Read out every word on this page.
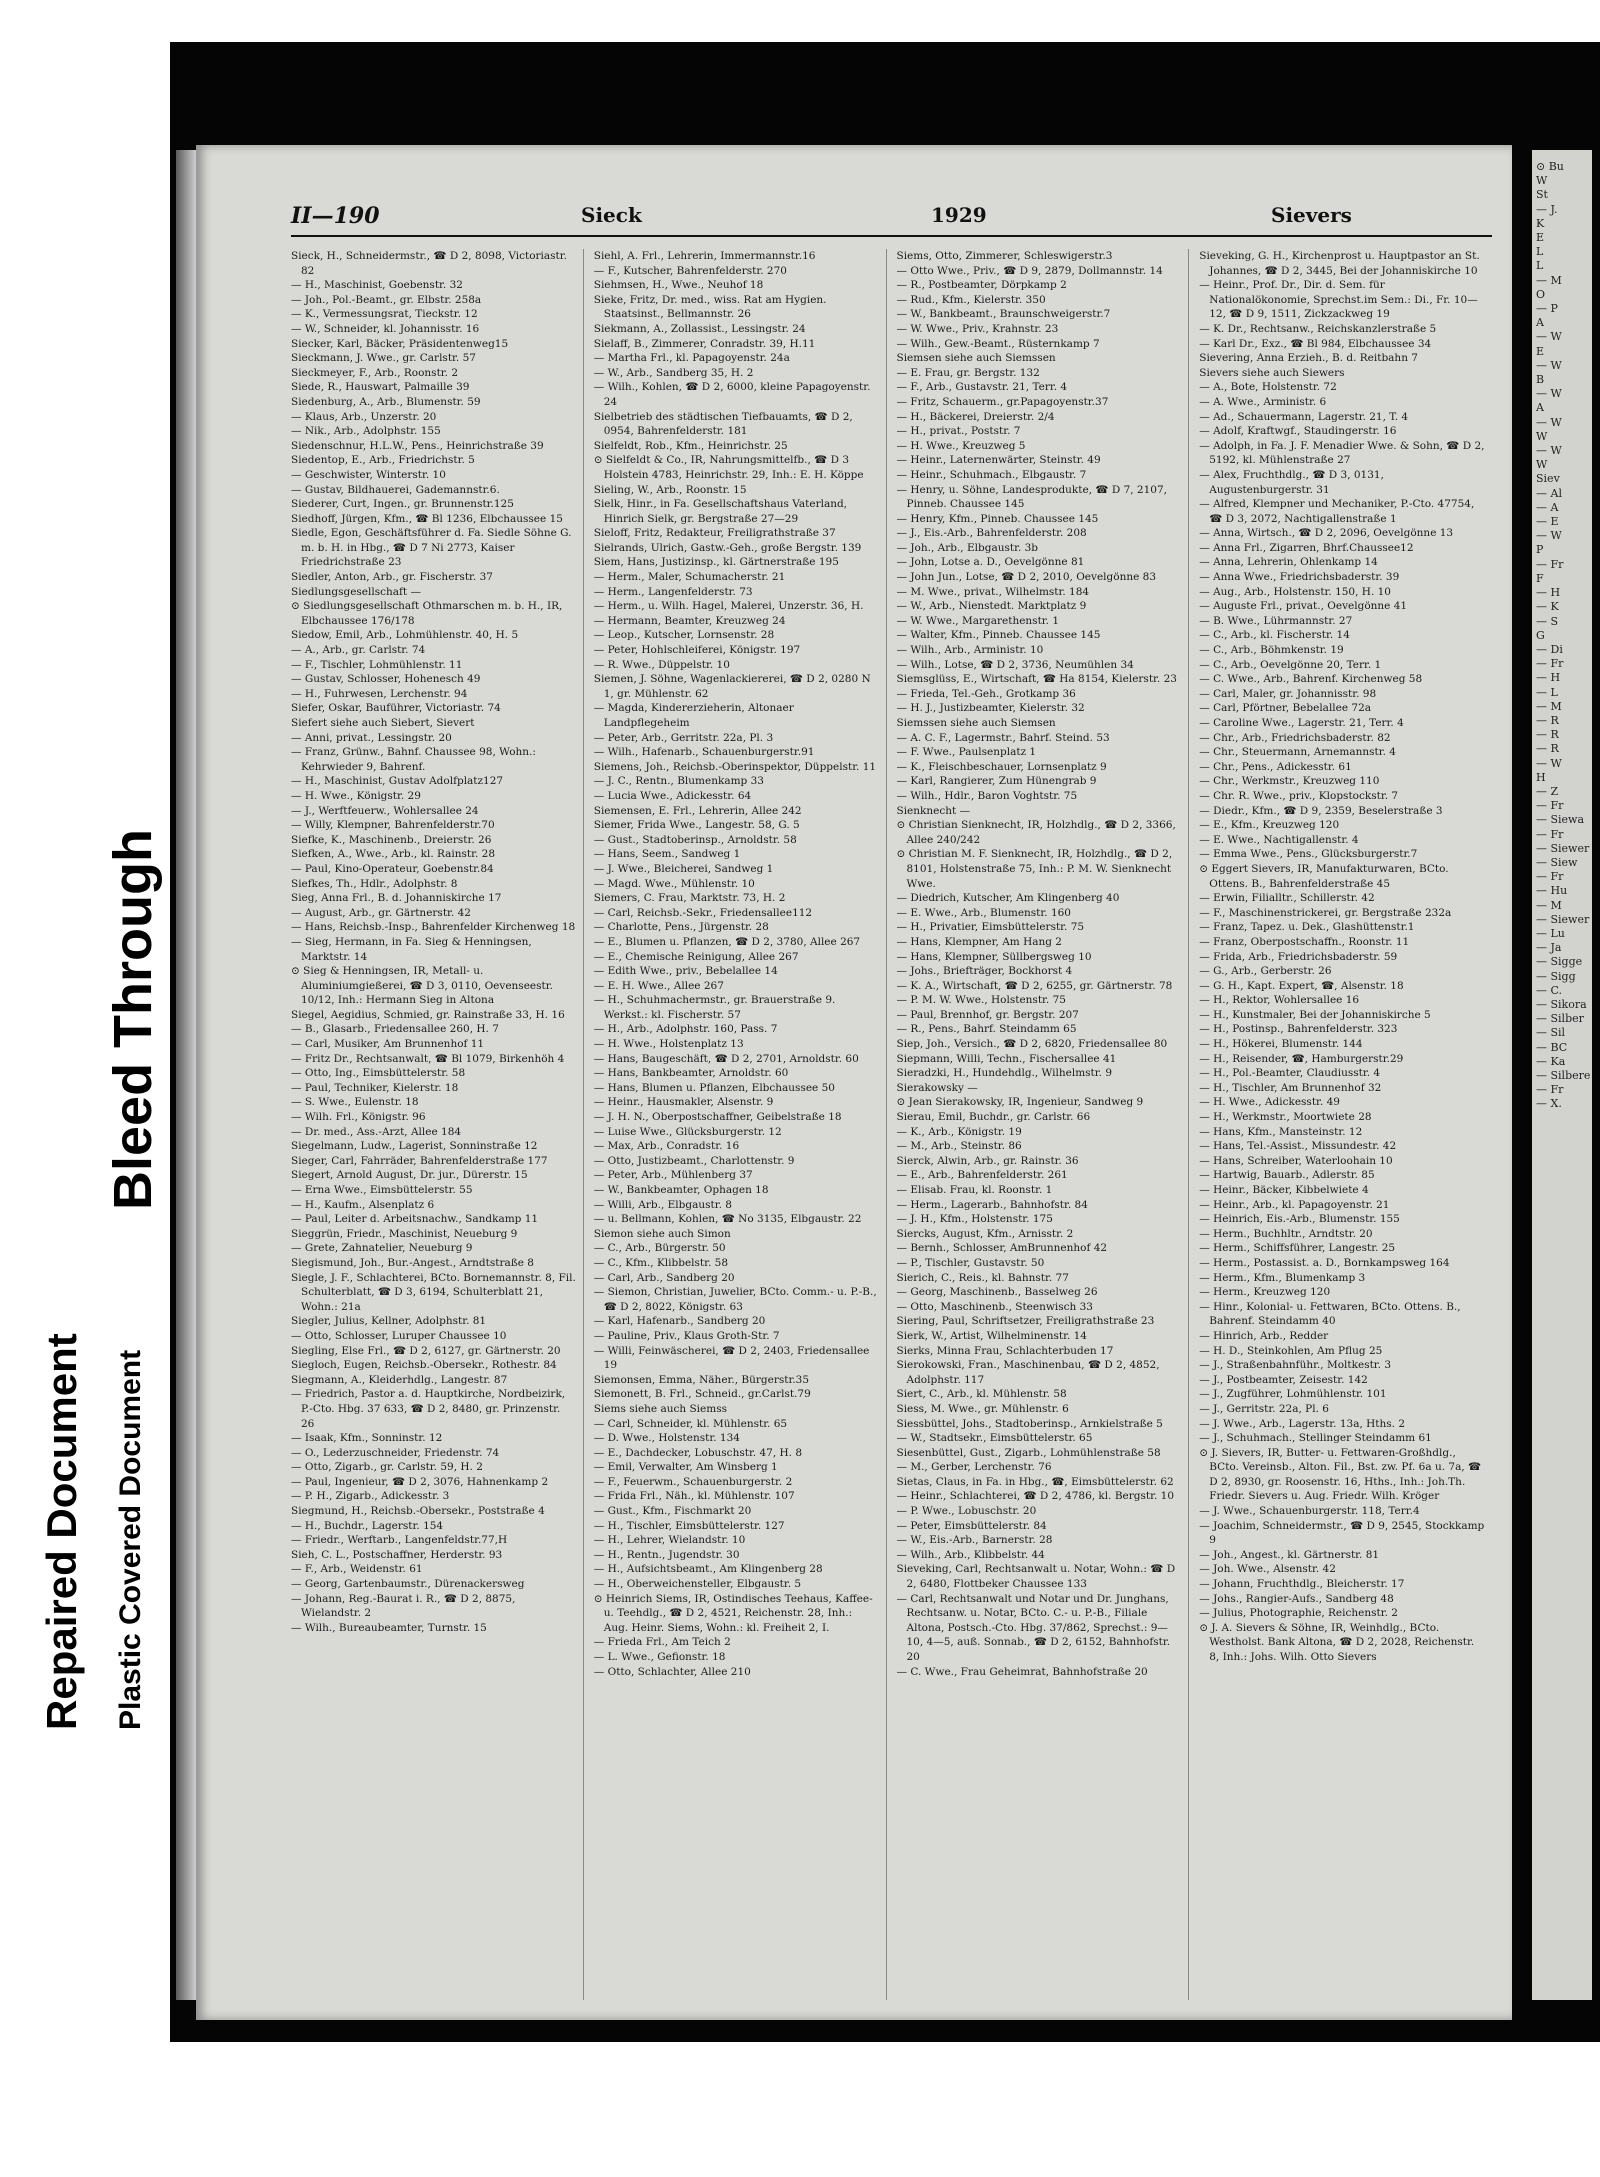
Repaired Document Plastic Covered Document
Bleed Through
II—190	Sieck	1929	Sievers
Sieck, H., Schneidermstr., ☎ D 2, 8098, Victoriastr. 82
— H., Maschinist, Goebenstr. 32
— Joh., Pol.-Beamt., gr. Elbstr. 258a
— K., Vermessungsrat, Tieckstr. 12
— W., Schneider, kl. Johannisstr. 16
Siecker, Karl, Bäcker, Präsidentenweg15
Sieckmann, J. Wwe., gr. Carlstr. 57
Sieckmeyer, F., Arb., Roonstr. 2
Siede, R., Hauswart, Palmaille 39
Siedenburg, A., Arb., Blumenstr. 59
— Klaus, Arb., Unzerstr. 20
— Nik., Arb., Adolphstr. 155
Siedenschnur, H.L.W., Pens., Heinrichstraße 39
Siedentop, E., Arb., Friedrichstr. 5
— Geschwister, Winterstr. 10
— Gustav, Bildhauerei, Gademannstr.6.
Siederer, Curt, Ingen., gr. Brunnenstr.125
Siedhoff, Jürgen, Kfm., ☎ Bl 1236, Elbchaussee 15
Siedle, Egon, Geschäftsführer d. Fa. Siedle Söhne G. m. b. H. in Hbg., ☎ D 7 Ni 2773, Kaiser Friedrichstraße 23
Siedler, Anton, Arb., gr. Fischerstr. 37
Siedlungsgesellschaft —
⊙ Siedlungsgesellschaft Othmarschen m. b. H., IR, Elbchaussee 176/178
Siedow, Emil, Arb., Lohmühlenstr. 40, H. 5
— A., Arb., gr. Carlstr. 74
— F., Tischler, Lohmühlenstr. 11
— Gustav, Schlosser, Hohenesch 49
— H., Fuhrwesen, Lerchenstr. 94
Siefer, Oskar, Bauführer, Victoriastr. 74
Siefert siehe auch Siebert, Sievert
— Anni, privat., Lessingstr. 20
— Franz, Grünw., Bahnf. Chaussee 98, Wohn.: Kehrwieder 9, Bahrenf.
— H., Maschinist, Gustav Adolfplatz127
— H. Wwe., Königstr. 29
— J., Werftfeuerw., Wohlersallee 24
— Willy, Klempner, Bahrenfelderstr.70
Siefke, K., Maschinenb., Dreierstr. 26
Siefken, A., Wwe., Arb., kl. Rainstr. 28
— Paul, Kino-Operateur, Goebenstr.84
Siefkes, Th., Hdlr., Adolphstr. 8
Sieg, Anna Frl., B. d. Johanniskirche 17
— August, Arb., gr. Gärtnerstr. 42
— Hans, Reichsb.-Insp., Bahrenfelder Kirchenweg 18
— Sieg, Hermann, in Fa. Sieg & Henningsen, Marktstr. 14
⊙ Sieg & Henningsen, IR, Metall- u. Aluminiumgießerei, ☎ D 3, 0110, Oevenseestr. 10/12, Inh.: Hermann Sieg in Altona
Siegel, Aegidius, Schmied, gr. Rainstraße 33, H. 16
— B., Glasarb., Friedensallee 260, H. 7
— Carl, Musiker, Am Brunnenhof 11
— Fritz Dr., Rechtsanwalt, ☎ Bl 1079, Birkenhöh 4
— Otto, Ing., Eimsbüttelerstr. 58
— Paul, Techniker, Kielerstr. 18
— S. Wwe., Eulenstr. 18
— Wilh. Frl., Königstr. 96
— Dr. med., Ass.-Arzt, Allee 184
Siegelmann, Ludw., Lagerist, Sonninstraße 12
Sieger, Carl, Fahrräder, Bahrenfelderstraße 177
Siegert, Arnold August, Dr. jur., Dürerstr. 15
— Erna Wwe., Eimsbüttelerstr. 55
— H., Kaufm., Alsenplatz 6
— Paul, Leiter d. Arbeitsnachw., Sandkamp 11
Sieggrün, Friedr., Maschinist, Neueburg 9
— Grete, Zahnatelier, Neueburg 9
Siegismund, Joh., Bur.-Angest., Arndtstraße 8
Siegle, J. F., Schlachterei, BCto. Bornemannstr. 8, Fil. Schulterblatt, ☎ D 3, 6194, Schulterblatt 21, Wohn.: 21a
Siegler, Julius, Kellner, Adolphstr. 81
— Otto, Schlosser, Luruper Chaussee 10
Siegling, Else Frl., ☎ D 2, 6127, gr. Gärtnerstr. 20
Siegloch, Eugen, Reichsb.-Obersekr., Rothestr. 84
Siegmann, A., Kleiderhdlg., Langestr. 87
— Friedrich, Pastor a. d. Hauptkirche, Nordbeizirk, P.-Cto. Hbg. 37 633, ☎ D 2, 8480, gr. Prinzenstr. 26
— Isaak, Kfm., Sonninstr. 12
— O., Lederzuschneider, Friedenstr. 74
— Otto, Zigarb., gr. Carlstr. 59, H. 2
— Paul, Ingenieur, ☎ D 2, 3076, Hahnenkamp 2
— P. H., Zigarb., Adickesstr. 3
Siegmund, H., Reichsb.-Obersekr., Poststraße 4
— H., Buchdr., Lagerstr. 154
— Friedr., Werftarb., Langenfeldstr.77,H
Sieh, C. L., Postschaffner, Herderstr. 93
— F., Arb., Weidenstr. 61
— Georg, Gartenbaumstr., Dürenackersweg
— Johann, Reg.-Baurat i. R., ☎ D 2, 8875, Wielandstr. 2
— Wilh., Bureaubeamter, Turnstr. 15
Siehl, A. Frl., Lehrerin, Immermannstr.16
— F., Kutscher, Bahrenfelderstr. 270
Siehmsen, H., Wwe., Neuhof 18
Sieke, Fritz, Dr. med., wiss. Rat am Hygien. Staatsinst., Bellmannstr. 26
Siekmann, A., Zollassist., Lessingstr. 24
Sielaff, B., Zimmerer, Conradstr. 39, H.11
— Martha Frl., kl. Papagoyenstr. 24a
— W., Arb., Sandberg 35, H. 2
— Wilh., Kohlen, ☎ D 2, 6000, kleine Papagoyenstr. 24
Sielbetrieb des städtischen Tiefbauamts, ☎ D 2, 0954, Bahrenfelderstr. 181
Sielfeldt, Rob., Kfm., Heinrichstr. 25
⊙ Sielfeldt & Co., IR, Nahrungsmittelfb., ☎ D 3 Holstein 4783, Heinrichstr. 29, Inh.: E. H. Köppe
Sieling, W., Arb., Roonstr. 15
Sielk, Hinr., in Fa. Gesellschaftshaus Vaterland, Hinrich Sielk, gr. Bergstraße 27—29
Sieloff, Fritz, Redakteur, Freiligrathstraße 37
Sielrands, Ulrich, Gastw.-Geh., große Bergstr. 139
Siem, Hans, Justizinsp., kl. Gärtnerstraße 195
— Herm., Maler, Schumacherstr. 21
— Herm., Langenfelderstr. 73
— Herm., u. Wilh. Hagel, Malerei, Unzerstr. 36, H.
— Hermann, Beamter, Kreuzweg 24
— Leop., Kutscher, Lornsenstr. 28
— Peter, Hohlschleiferei, Königstr. 197
— R. Wwe., Düppelstr. 10
Siemen, J. Söhne, Wagenlackiererei, ☎ D 2, 0280 N 1, gr. Mühlenstr. 62
— Magda, Kindererzieherin, Altonaer Landpflegeheim
— Peter, Arb., Gerritstr. 22a, Pl. 3
— Wilh., Hafenarb., Schauenburgerstr.91
Siemens, Joh., Reichsb.-Oberinspektor, Düppelstr. 11
— J. C., Rentn., Blumenkamp 33
— Lucia Wwe., Adickesstr. 64
Siemensen, E. Frl., Lehrerin, Allee 242
Siemer, Frida Wwe., Langestr. 58, G. 5
— Gust., Stadtoberinsp., Arnoldstr. 58
— Hans, Seem., Sandweg 1
— J. Wwe., Bleicherei, Sandweg 1
— Magd. Wwe., Mühlenstr. 10
Siemers, C. Frau, Marktstr. 73, H. 2
— Carl, Reichsb.-Sekr., Friedensallee112
— Charlotte, Pens., Jürgenstr. 28
— E., Blumen u. Pflanzen, ☎ D 2, 3780, Allee 267
— E., Chemische Reinigung, Allee 267
— Edith Wwe., priv., Bebelallee 14
— E. H. Wwe., Allee 267
— H., Schuhmachermstr., gr. Brauerstraße 9. Werkst.: kl. Fischerstr. 57
— H., Arb., Adolphstr. 160, Pass. 7
— H. Wwe., Holstenplatz 13
— Hans, Baugeschäft, ☎ D 2, 2701, Arnoldstr. 60
— Hans, Bankbeamter, Arnoldstr. 60
— Hans, Blumen u. Pflanzen, Elbchaussee 50
— Heinr., Hausmakler, Alsenstr. 9
— J. H. N., Oberpostschaffner, Geibelstraße 18
— Luise Wwe., Glücksburgerstr. 12
— Max, Arb., Conradstr. 16
— Otto, Justizbeamt., Charlottenstr. 9
— Peter, Arb., Mühlenberg 37
— W., Bankbeamter, Ophagen 18
— Willi, Arb., Elbgaustr. 8
— u. Bellmann, Kohlen, ☎ No 3135, Elbgaustr. 22
Siemon siehe auch Simon
— C., Arb., Bürgerstr. 50
— C., Kfm., Klibbelstr. 58
— Carl, Arb., Sandberg 20
— Siemon, Christian, Juwelier, BCto. Comm.- u. P.-B., ☎ D 2, 8022, Königstr. 63
— Karl, Hafenarb., Sandberg 20
— Pauline, Priv., Klaus Groth-Str. 7
— Willi, Feinwäscherei, ☎ D 2, 2403, Friedensallee 19
Siemonsen, Emma, Näher., Bürgerstr.35
Siemonett, B. Frl., Schneid., gr.Carlst.79
Siems siehe auch Siemss
— Carl, Schneider, kl. Mühlenstr. 65
— D. Wwe., Holstenstr. 134
— E., Dachdecker, Lobuschstr. 47, H. 8
— Emil, Verwalter, Am Winsberg 1
— F., Feuerwm., Schauenburgerstr. 2
— Frida Frl., Näh., kl. Mühlenstr. 107
— Gust., Kfm., Fischmarkt 20
— H., Tischler, Eimsbüttelerstr. 127
— H., Lehrer, Wielandstr. 10
— H., Rentn., Jugendstr. 30
— H., Aufsichtsbeamt., Am Klingenberg 28
— H., Oberweichensteller, Elbgaustr. 5
⊙ Heinrich Siems, IR, Ostindisches Teehaus, Kaffee- u. Teehdlg., ☎ D 2, 4521, Reichenstr. 28, Inh.: Aug. Heinr. Siems, Wohn.: kl. Freiheit 2, I.
— Frieda Frl., Am Teich 2
— L. Wwe., Gefionstr. 18
— Otto, Schlachter, Allee 210
Siems, Otto, Zimmerer, Schleswigerstr.3
— Otto Wwe., Priv., ☎ D 9, 2879, Dollmannstr. 14
— R., Postbeamter, Dörpkamp 2
— Rud., Kfm., Kielerstr. 350
— W., Bankbeamt., Braunschweigerstr.7
— W. Wwe., Priv., Krahnstr. 23
— Wilh., Gew.-Beamt., Rüsternkamp 7
Siemsen siehe auch Siemssen
— E. Frau, gr. Bergstr. 132
— F., Arb., Gustavstr. 21, Terr. 4
— Fritz, Schauerm., gr.Papagoyenstr.37
— H., Bäckerei, Dreierstr. 2/4
— H., privat., Poststr. 7
— H. Wwe., Kreuzweg 5
— Heinr., Laternenwärter, Steinstr. 49
— Heinr., Schuhmach., Elbgaustr. 7
— Henry, u. Söhne, Landesprodukte, ☎ D 7, 2107, Pinneb. Chaussee 145
— Henry, Kfm., Pinneb. Chaussee 145
— J., Eis.-Arb., Bahrenfelderstr. 208
— Joh., Arb., Elbgaustr. 3b
— John, Lotse a. D., Oevelgönne 81
— John Jun., Lotse, ☎ D 2, 2010, Oevelgönne 83
— M. Wwe., privat., Wilhelmstr. 184
— W., Arb., Nienstedt. Marktplatz 9
— W. Wwe., Margarethenstr. 1
— Walter, Kfm., Pinneb. Chaussee 145
— Wilh., Arb., Arministr. 10
— Wilh., Lotse, ☎ D 2, 3736, Neumühlen 34
Siemsglüss, E., Wirtschaft, ☎ Ha 8154, Kielerstr. 23
— Frieda, Tel.-Geh., Grotkamp 36
— H. J., Justizbeamter, Kielerstr. 32
Siemssen siehe auch Siemsen
— A. C. F., Lagermstr., Bahrf. Steind. 53
— F. Wwe., Paulsenplatz 1
— K., Fleischbeschauer, Lornsenplatz 9
— Karl, Rangierer, Zum Hünengrab 9
— Wilh., Hdlr., Baron Voghtstr. 75
Sienknecht —
⊙ Christian Sienknecht, IR, Holzhdlg., ☎ D 2, 3366, Allee 240/242
⊙ Christian M. F. Sienknecht, IR, Holzhdlg., ☎ D 2, 8101, Holstenstraße 75, Inh.: P. M. W. Sienknecht Wwe.
— Diedrich, Kutscher, Am Klingenberg 40
— E. Wwe., Arb., Blumenstr. 160
— H., Privatier, Eimsbüttelerstr. 75
— Hans, Klempner, Am Hang 2
— Hans, Klempner, Süllbergsweg 10
— Johs., Briefträger, Bockhorst 4
— K. A., Wirtschaft, ☎ D 2, 6255, gr. Gärtnerstr. 78
— P. M. W. Wwe., Holstenstr. 75
— Paul, Brennhof, gr. Bergstr. 207
— R., Pens., Bahrf. Steindamm 65
Siep, Joh., Versich., ☎ D 2, 6820, Friedensallee 80
Siepmann, Willi, Techn., Fischersallee 41
Sieradzki, H., Hundehdlg., Wilhelmstr. 9
Sierakowsky —
⊙ Jean Sierakowsky, IR, Ingenieur, Sandweg 9
Sierau, Emil, Buchdr., gr. Carlstr. 66
— K., Arb., Königstr. 19
— M., Arb., Steinstr. 86
Sierck, Alwin, Arb., gr. Rainstr. 36
— E., Arb., Bahrenfelderstr. 261
— Elisab. Frau, kl. Roonstr. 1
— Herm., Lagerarb., Bahnhofstr. 84
— J. H., Kfm., Holstenstr. 175
Siercks, August, Kfm., Arnisstr. 2
— Bernh., Schlosser, AmBrunnenhof 42
— P., Tischler, Gustavstr. 50
Sierich, C., Reis., kl. Bahnstr. 77
— Georg, Maschinenb., Basselweg 26
— Otto, Maschinenb., Steenwisch 33
Siering, Paul, Schriftsetzer, Freiligrathstraße 23
Sierk, W., Artist, Wilhelminenstr. 14
Sierks, Minna Frau, Schlachterbuden 17
Sierokowski, Fran., Maschinenbau, ☎ D 2, 4852, Adolphstr. 117
Siert, C., Arb., kl. Mühlenstr. 58
Siess, M. Wwe., gr. Mühlenstr. 6
Siessbüttel, Johs., Stadtoberinsp., Arnkielstraße 5
— W., Stadtsekr., Eimsbüttelerstr. 65
Siesenbüttel, Gust., Zigarb., Lohmühlenstraße 58
— M., Gerber, Lerchenstr. 76
Sietas, Claus, in Fa. in Hbg., ☎, Eimsbüttelerstr. 62
— Heinr., Schlachterei, ☎ D 2, 4786, kl. Bergstr. 10
— P. Wwe., Lobuschstr. 20
— Peter, Eimsbüttelerstr. 84
— W., Eis.-Arb., Barnerstr. 28
— Wilh., Arb., Klibbelstr. 44
Sieveking, Carl, Rechtsanwalt u. Notar, Wohn.: ☎ D 2, 6480, Flottbeker Chaussee 133
— Carl, Rechtsanwalt und Notar und Dr. Junghans, Rechtsanw. u. Notar, BCto. C.- u. P.-B., Filiale Altona, Postsch.-Cto. Hbg. 37/862, Sprechst.: 9—10, 4—5, auß. Sonnab., ☎ D 2, 6152, Bahnhofstr. 20
— C. Wwe., Frau Geheimrat, Bahnhofstraße 20
Sieveking, G. H., Kirchenprost u. Hauptpastor an St. Johannes, ☎ D 2, 3445, Bei der Johanniskirche 10
— Heinr., Prof. Dr., Dir. d. Sem. für Nationalökonomie, Sprechst.im Sem.: Di., Fr. 10—12, ☎ D 9, 1511, Zickzackweg 19
— K. Dr., Rechtsanw., Reichskanzlerstraße 5
— Karl Dr., Exz., ☎ Bl 984, Elbchaussee 34
Sievering, Anna Erzieh., B. d. Reitbahn 7
Sievers siehe auch Siewers
— A., Bote, Holstenstr. 72
— A. Wwe., Arministr. 6
— Ad., Schauermann, Lagerstr. 21, T. 4
— Adolf, Kraftwgf., Staudingerstr. 16
— Adolph, in Fa. J. F. Menadier Wwe. & Sohn, ☎ D 2, 5192, kl. Mühlenstraße 27
— Alex, Fruchthdlg., ☎ D 3, 0131, Augustenburgerstr. 31
— Alfred, Klempner und Mechaniker, P.-Cto. 47754, ☎ D 3, 2072, Nachtigallenstraße 1
— Anna, Wirtsch., ☎ D 2, 2096, Oevelgönne 13
— Anna Frl., Zigarren, Bhrf.Chaussee12
— Anna, Lehrerin, Ohlenkamp 14
— Anna Wwe., Friedrichsbaderstr. 39
— Aug., Arb., Holstenstr. 150, H. 10
— Auguste Frl., privat., Oevelgönne 41
— B. Wwe., Lührmannstr. 27
— C., Arb., kl. Fischerstr. 14
— C., Arb., Böhmkenstr. 19
— C., Arb., Oevelgönne 20, Terr. 1
— C. Wwe., Arb., Bahrenf. Kirchenweg 58
— Carl, Maler, gr. Johannisstr. 98
— Carl, Pförtner, Bebelallee 72a
— Caroline Wwe., Lagerstr. 21, Terr. 4
— Chr., Arb., Friedrichsbaderstr. 82
— Chr., Steuermann, Arnemannstr. 4
— Chr., Pens., Adickesstr. 61
— Chr., Werkmstr., Kreuzweg 110
— Chr. R. Wwe., priv., Klopstockstr. 7
— Diedr., Kfm., ☎ D 9, 2359, Beselerstraße 3
— E., Kfm., Kreuzweg 120
— E. Wwe., Nachtigallenstr. 4
— Emma Wwe., Pens., Glücksburgerstr.7
⊙ Eggert Sievers, IR, Manufakturwaren, BCto. Ottens. B., Bahrenfelderstraße 45
— Erwin, Filialltr., Schillerstr. 42
— F., Maschinenstrickerei, gr. Bergstraße 232a
— Franz, Tapez. u. Dek., Glashüttenstr.1
— Franz, Oberpostschaffn., Roonstr. 11
— Frida, Arb., Friedrichsbaderstr. 59
— G., Arb., Gerberstr. 26
— G. H., Kapt. Expert, ☎, Alsenstr. 18
— H., Rektor, Wohlersallee 16
— H., Kunstmaler, Bei der Johanniskirche 5
— H., Postinsp., Bahrenfelderstr. 323
— H., Hökerei, Blumenstr. 144
— H., Reisender, ☎, Hamburgerstr.29
— H., Pol.-Beamter, Claudiusstr. 4
— H., Tischler, Am Brunnenhof 32
— H. Wwe., Adickesstr. 49
— H., Werkmstr., Moortwiete 28
— Hans, Kfm., Mansteinstr. 12
— Hans, Tel.-Assist., Missundestr. 42
— Hans, Schreiber, Waterloohain 10
— Hartwig, Bauarb., Adlerstr. 85
— Heinr., Bäcker, Kibbelwiete 4
— Heinr., Arb., kl. Papagoyenstr. 21
— Heinrich, Eis.-Arb., Blumenstr. 155
— Herm., Buchhltr., Arndtstr. 20
— Herm., Schiffsführer, Langestr. 25
— Herm., Postassist. a. D., Bornkampsweg 164
— Herm., Kfm., Blumenkamp 3
— Herm., Kreuzweg 120
— Hinr., Kolonial- u. Fettwaren, BCto. Ottens. B., Bahrenf. Steindamm 40
— Hinrich, Arb., Redder
— H. D., Steinkohlen, Am Pflug 25
— J., Straßenbahnführ., Moltkestr. 3
— J., Postbeamter, Zeisestr. 142
— J., Zugführer, Lohmühlenstr. 101
— J., Gerritstr. 22a, Pl. 6
— J. Wwe., Arb., Lagerstr. 13a, Hths. 2
— J., Schuhmach., Stellinger Steindamm 61
⊙ J. Sievers, IR, Butter- u. Fettwaren-Großhdlg., BCto. Vereinsb., Alton. Fil., Bst. zw. Pf. 6a u. 7a, ☎ D 2, 8930, gr. Roosenstr. 16, Hths., Inh.: Joh.Th. Friedr. Sievers u. Aug. Friedr. Wilh. Kröger
— J. Wwe., Schauenburgerstr. 118, Terr.4
— Joachim, Schneidermstr., ☎ D 9, 2545, Stockkamp 9
— Joh., Angest., kl. Gärtnerstr. 81
— Joh. Wwe., Alsenstr. 42
— Johann, Fruchthdlg., Bleicherstr. 17
— Johs., Rangier-Aufs., Sandberg 48
— Julius, Photographie, Reichenstr. 2
⊙ J. A. Sievers & Söhne, IR, Weinhdlg., BCto. Westholst. Bank Altona, ☎ D 2, 2028, Reichenstr. 8, Inh.: Johs. Wilh. Otto Sievers
⊙ Bu
W
St
— J.
K
E
L
L
— M
O
— P
A
— W
E
— W
B
— W
A
— W
W
— W
W
Siev
— Al
— A
— E
— W
P
— Fr
F
— H
— K
— S
G
— Di
— Fr
— H
— L
— M
— R
— R
— R
— W
H
— Z
— Fr
— Siewa
— Fr
— Siewer
— Siew
— Fr
— Hu
— M
— Siewer
— Lu
— Ja
— Sigge
— Sigg
— C.
— Sikora
— Silber
— Sil
— BC
— Ka
— Silbere
— Fr
— X.
